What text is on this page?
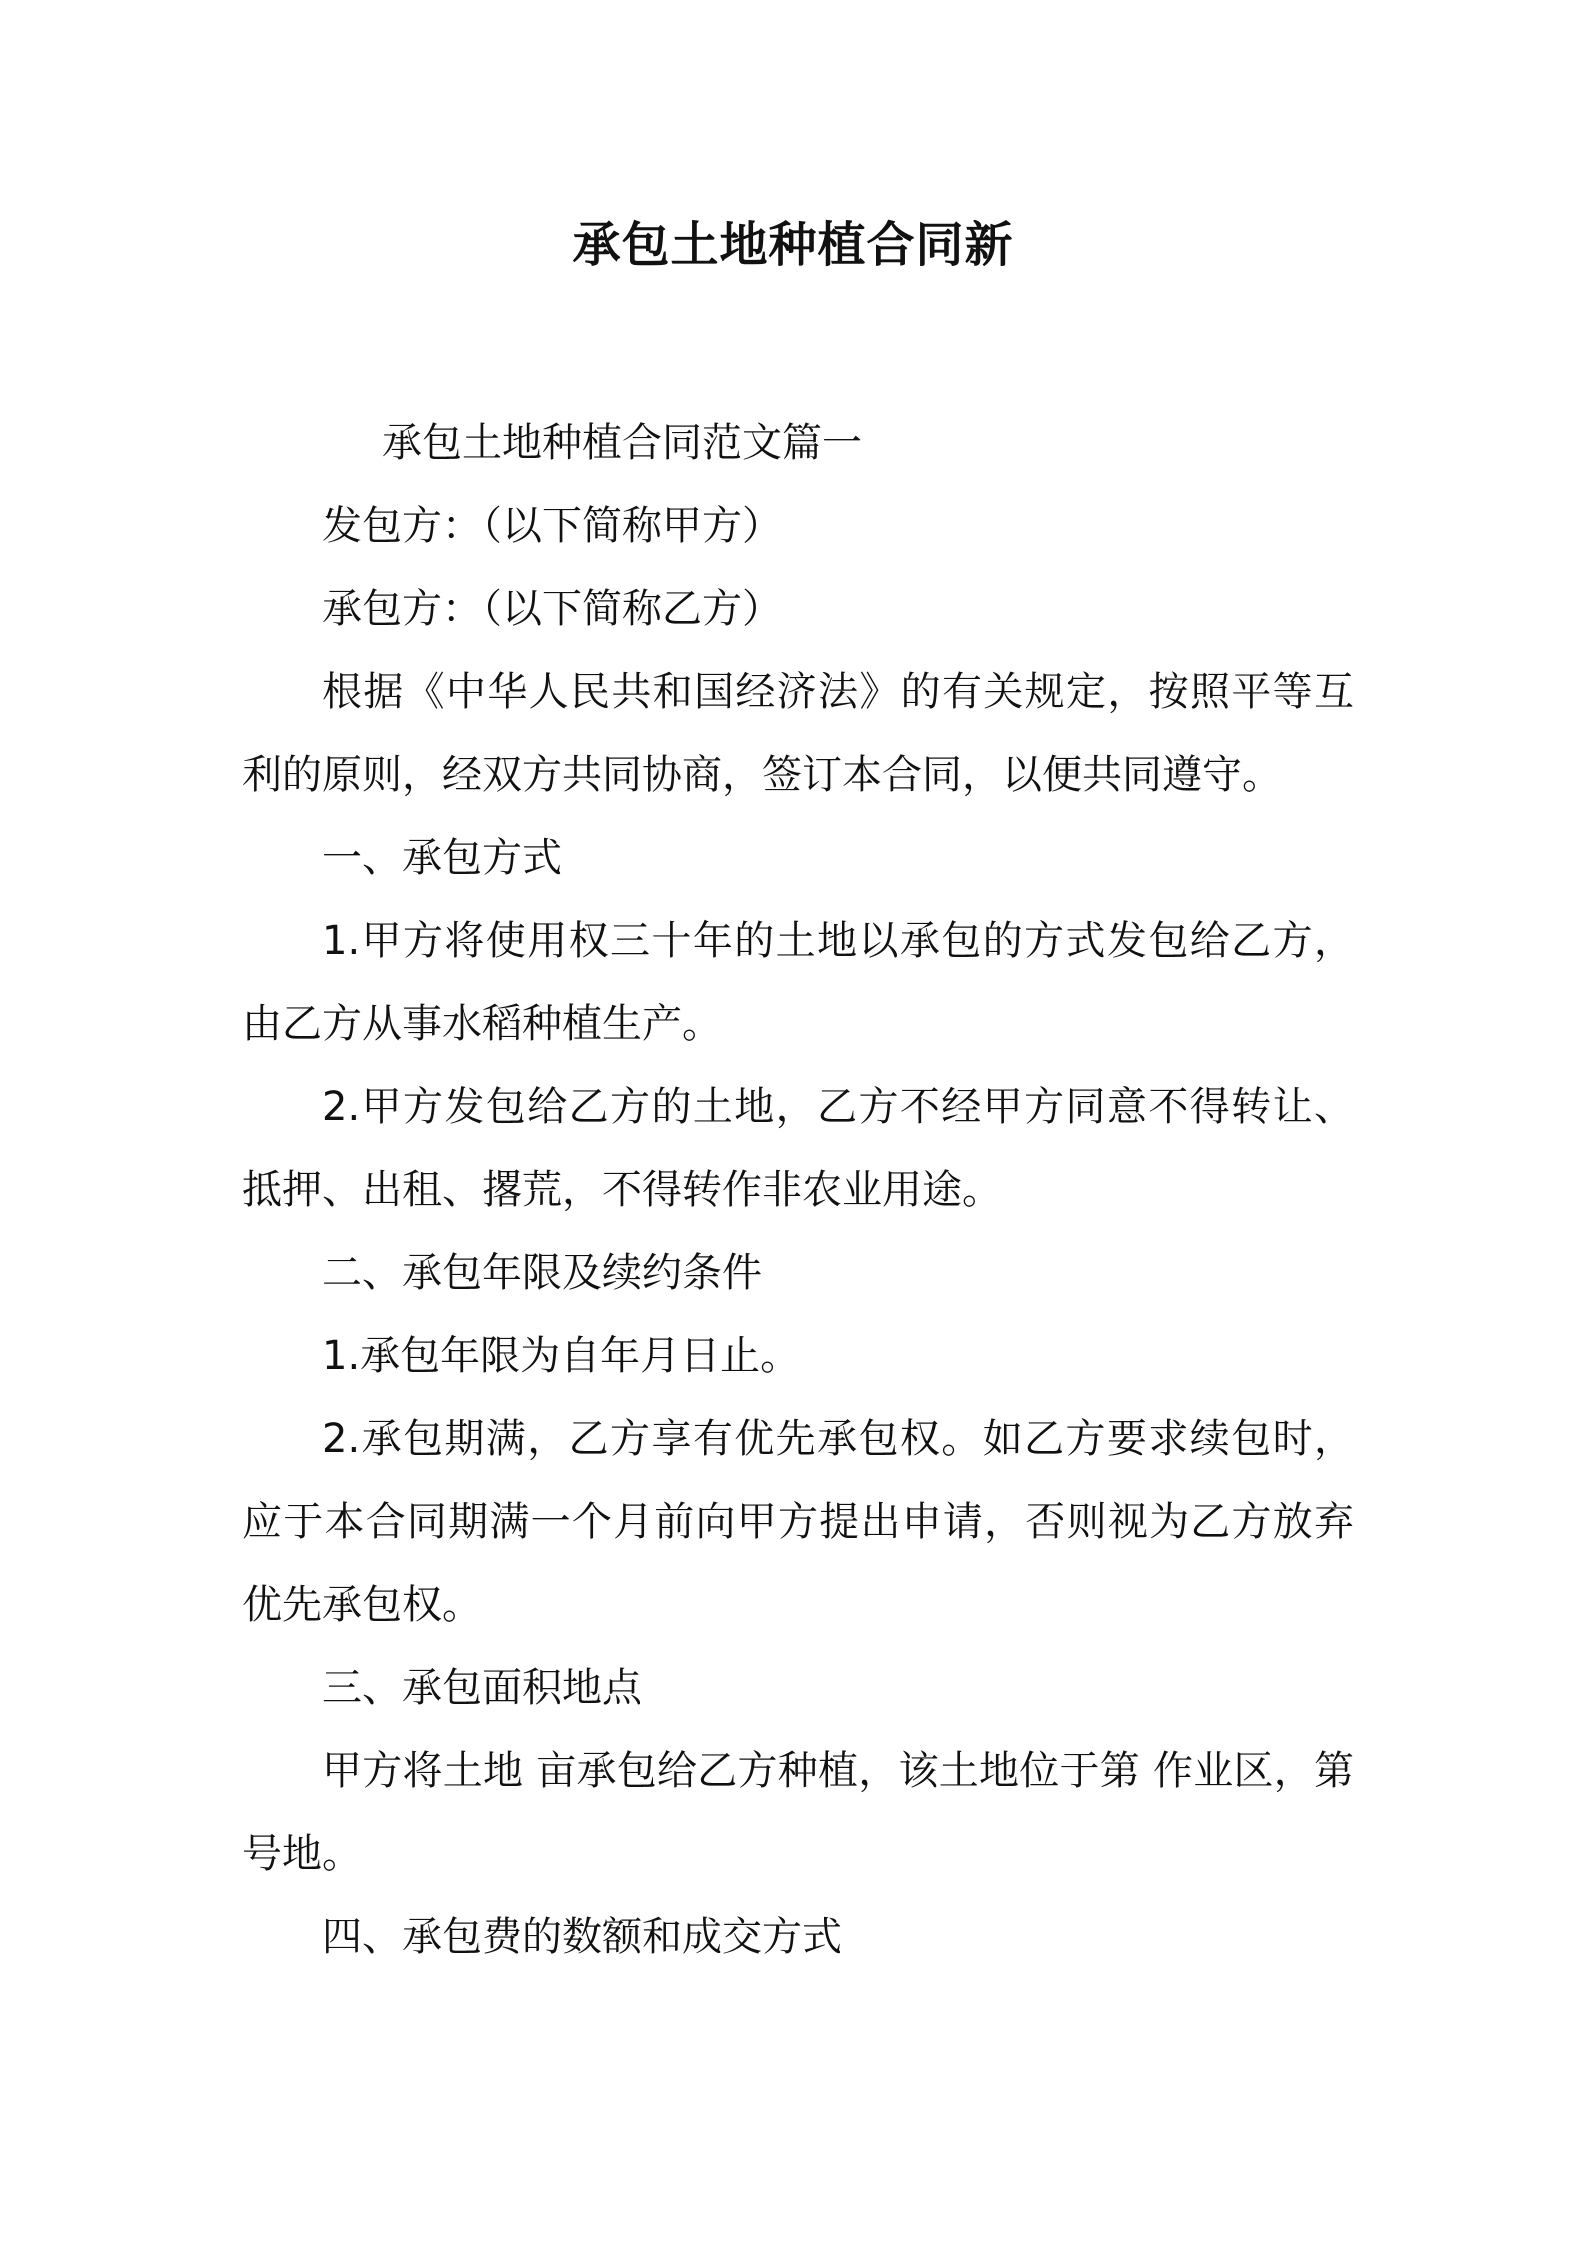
承包土地种植合同新

承包土地种植合同范文篇一

发包方：（以下简称甲方）

承包方：（以下简称乙方）

根据《中华人民共和国经济法》的有关规定，按照平等互利的原则，经双方共同协商，签订本合同，以便共同遵守。

一、承包方式

1.甲方将使用权三十年的土地以承包的方式发包给乙方，由乙方从事水稻种植生产。

2.甲方发包给乙方的土地，乙方不经甲方同意不得转让、抵押、出租、撂荒，不得转作非农业用途。

二、承包年限及续约条件

1.承包年限为自年月日止。

2.承包期满，乙方享有优先承包权。如乙方要求续包时，应于本合同期满一个月前向甲方提出申请，否则视为乙方放弃优先承包权。

三、承包面积地点

甲方将土地 亩承包给乙方种植，该土地位于第 作业区，第 号地。

四、承包费的数额和成交方式
